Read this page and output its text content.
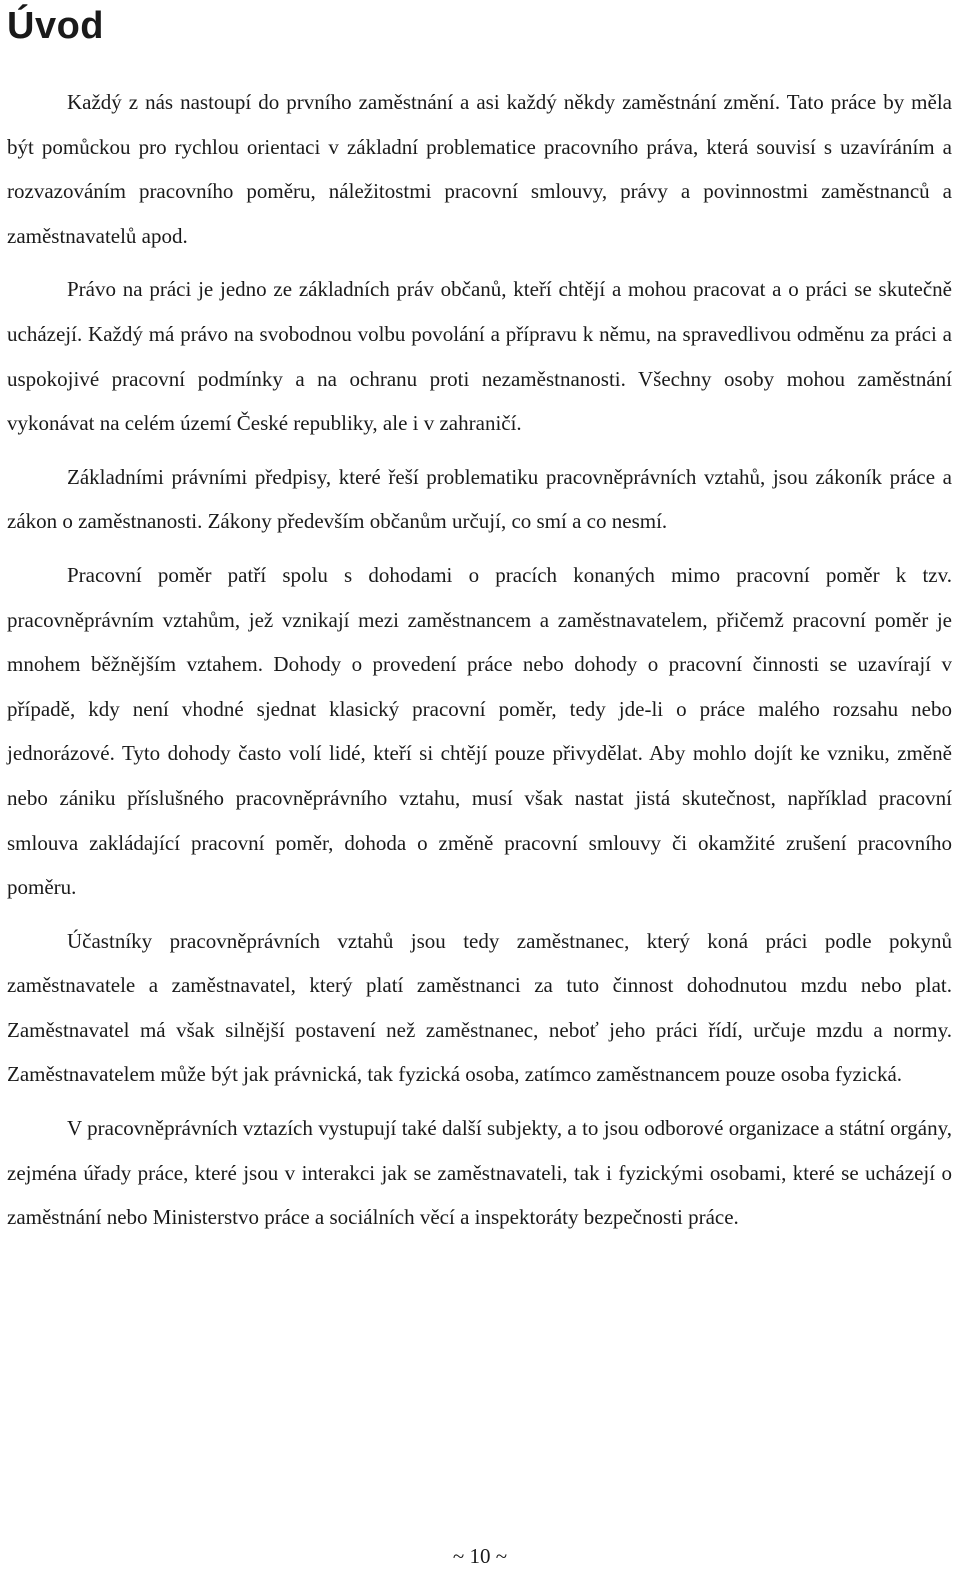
Úvod

Každý z nás nastoupí do prvního zaměstnání a asi každý někdy zaměstnání změní. Tato práce by měla být pomůckou pro rychlou orientaci v základní problematice pracovního práva, která souvisí s uzavíráním a rozvazováním pracovního poměru, náležitostmi pracovní smlouvy, právy a povinnostmi zaměstnanců a zaměstnavatelů apod.

Právo na práci je jedno ze základních práv občanů, kteří chtějí a mohou pracovat a o práci se skutečně ucházejí. Každý má právo na svobodnou volbu povolání a přípravu k němu, na spravedlivou odměnu za práci a uspokojivé pracovní podmínky a na ochranu proti nezaměstnanosti. Všechny osoby mohou zaměstnání vykonávat na celém území České republiky, ale i v zahraničí.

Základními právními předpisy, které řeší problematiku pracovněprávních vztahů, jsou zákoník práce a zákon o zaměstnanosti. Zákony především občanům určují, co smí a co nesmí.

Pracovní poměr patří spolu s dohodami o pracích konaných mimo pracovní poměr k tzv. pracovněprávním vztahům, jež vznikají mezi zaměstnancem a zaměstnavatelem, přičemž pracovní poměr je mnohem běžnějším vztahem. Dohody o provedení práce nebo dohody o pracovní činnosti se uzavírají v případě, kdy není vhodné sjednat klasický pracovní poměr, tedy jde-li o práce malého rozsahu nebo jednorázové. Tyto dohody často volí lidé, kteří si chtějí pouze přivydělat. Aby mohlo dojít ke vzniku, změně nebo zániku příslušného pracovněprávního vztahu, musí však nastat jistá skutečnost, například pracovní smlouva zakládající pracovní poměr, dohoda o změně pracovní smlouvy či okamžité zrušení pracovního poměru.

Účastníky pracovněprávních vztahů jsou tedy zaměstnanec, který koná práci podle pokynů zaměstnavatele a zaměstnavatel, který platí zaměstnanci za tuto činnost dohodnutou mzdu nebo plat. Zaměstnavatel má však silnější postavení než zaměstnanec, neboť jeho práci řídí, určuje mzdu a normy. Zaměstnavatelem může být jak právnická, tak fyzická osoba, zatímco zaměstnancem pouze osoba fyzická.

V pracovněprávních vztazích vystupují také další subjekty, a to jsou odborové organizace a státní orgány, zejména úřady práce, které jsou v interakci jak se zaměstnavateli, tak i fyzickými osobami, které se ucházejí o zaměstnání nebo Ministerstvo práce a sociálních věcí a inspektoráty bezpečnosti práce.

~ 10 ~
